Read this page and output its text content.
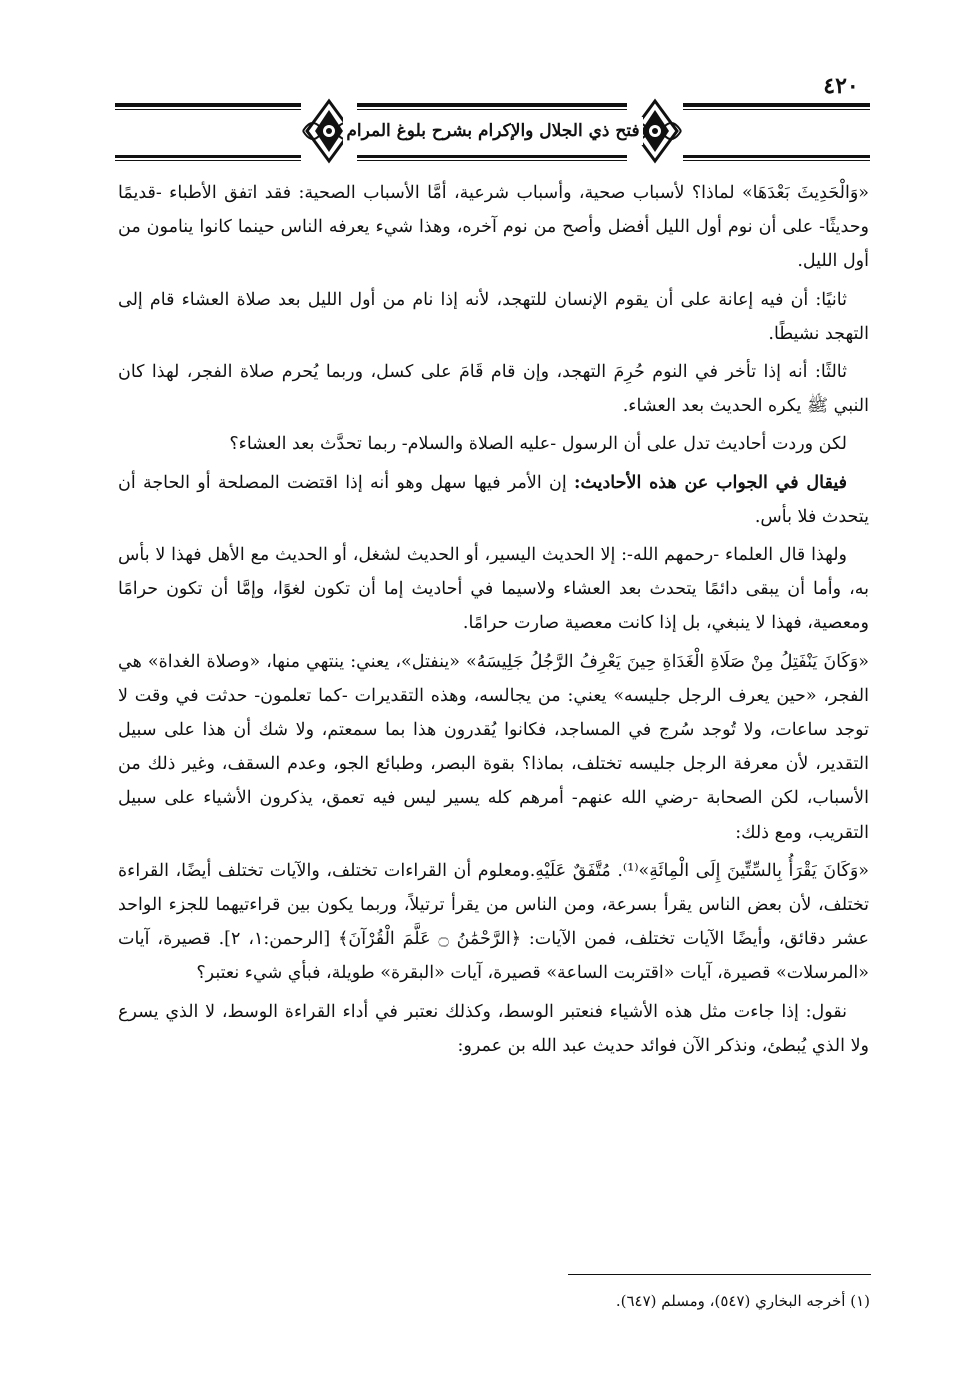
فتح ذي الجلال والإكرام بشرح بلوغ المرام
٤٢٠

«وَالْحَدِيثَ بَعْدَهَا» لماذا؟ لأسباب صحية، وأسباب شرعية، أمَّا الأسباب الصحية: فقد اتفق الأطباء -قديمًا وحديثًا- على أن نوم أول الليل أفضل وأصح من نوم آخره، وهذا شيء يعرفه الناس حينما كانوا ينامون من أول الليل.

ثانيًا: أن فيه إعانة على أن يقوم الإنسان للتهجد، لأنه إذا نام من أول الليل بعد صلاة العشاء قام إلى التهجد نشيطًا.

ثالثًا: أنه إذا تأخر في النوم حُرِمَ التهجد، وإن قام قَامَ على كسل، وربما يُحرم صلاة الفجر، لهذا كان النبي ﷺ يكره الحديث بعد العشاء.

لكن وردت أحاديث تدل على أن الرسول -عليه الصلاة والسلام- ربما تحدَّث بعد العشاء؟

فيقال في الجواب عن هذه الأحاديث: إن الأمر فيها سهل وهو أنه إذا اقتضت المصلحة أو الحاجة أن يتحدث فلا بأس.

ولهذا قال العلماء -رحمهم الله-: إلا الحديث اليسير، أو الحديث لشغل، أو الحديث مع الأهل فهذا لا بأس به، وأما أن يبقى دائمًا يتحدث بعد العشاء ولاسيما في أحاديث إما أن تكون لغوًا، وإمَّا أن تكون حرامًا ومعصية، فهذا لا ينبغي، بل إذا كانت معصية صارت حرامًا.

«وَكَانَ يَنْفَتِلُ مِنْ صَلَاةِ الْغَدَاةِ حِينَ يَعْرِفُ الرَّجُلُ جَلِيسَهُ» «ينفتل»، يعني: ينتهي منها، «وصلاة الغداة» هي الفجر، «حين يعرف الرجل جليسه» يعني: من يجالسه، وهذه التقديرات -كما تعلمون- حدثت في وقت لا توجد ساعات، ولا تُوجد سُرج في المساجد، فكانوا يُقدرون هذا بما سمعتم، ولا شك أن هذا على سبيل التقدير، لأن معرفة الرجل جليسه تختلف، بماذا؟ بقوة البصر، وطبائع الجو، وعدم السقف، وغير ذلك من الأسباب، لكن الصحابة -رضي الله عنهم- أمرهم كله يسير ليس فيه تعمق، يذكرون الأشياء على سبيل التقريب، ومع ذلك:

«وَكَانَ يَقْرَأُ بِالسِّتِّينَ إِلَى الْمِائَةِ»⁽¹⁾. مُتَّفَقٌ عَلَيْهِ.ومعلوم أن القراءات تختلف، والآيات تختلف أيضًا، القراءة تختلف، لأن بعض الناس يقرأ بسرعة، ومن الناس من يقرأ ترتيلاً، وربما يكون بين قراءتيهما للجزء الواحد عشر دقائق، وأيضًا الآيات تختلف، فمن الآيات: ﴿الرَّحْمَٰنُ ۝ عَلَّمَ الْقُرْآنَ﴾ [الرحمن:١، ٢]. قصيرة، آيات «المرسلات» قصيرة، آيات «اقتربت الساعة» قصيرة، آيات «البقرة» طويلة، فبأي شيء نعتبر؟

نقول: إذا جاءت مثل هذه الأشياء فنعتبر الوسط، وكذلك نعتبر في أداء القراءة الوسط، لا الذي يسرع ولا الذي يُبطئ، ونذكر الآن فوائد حديث عبد الله بن عمرو:

(١) أخرجه البخاري (٥٤٧)، ومسلم (٦٤٧).
